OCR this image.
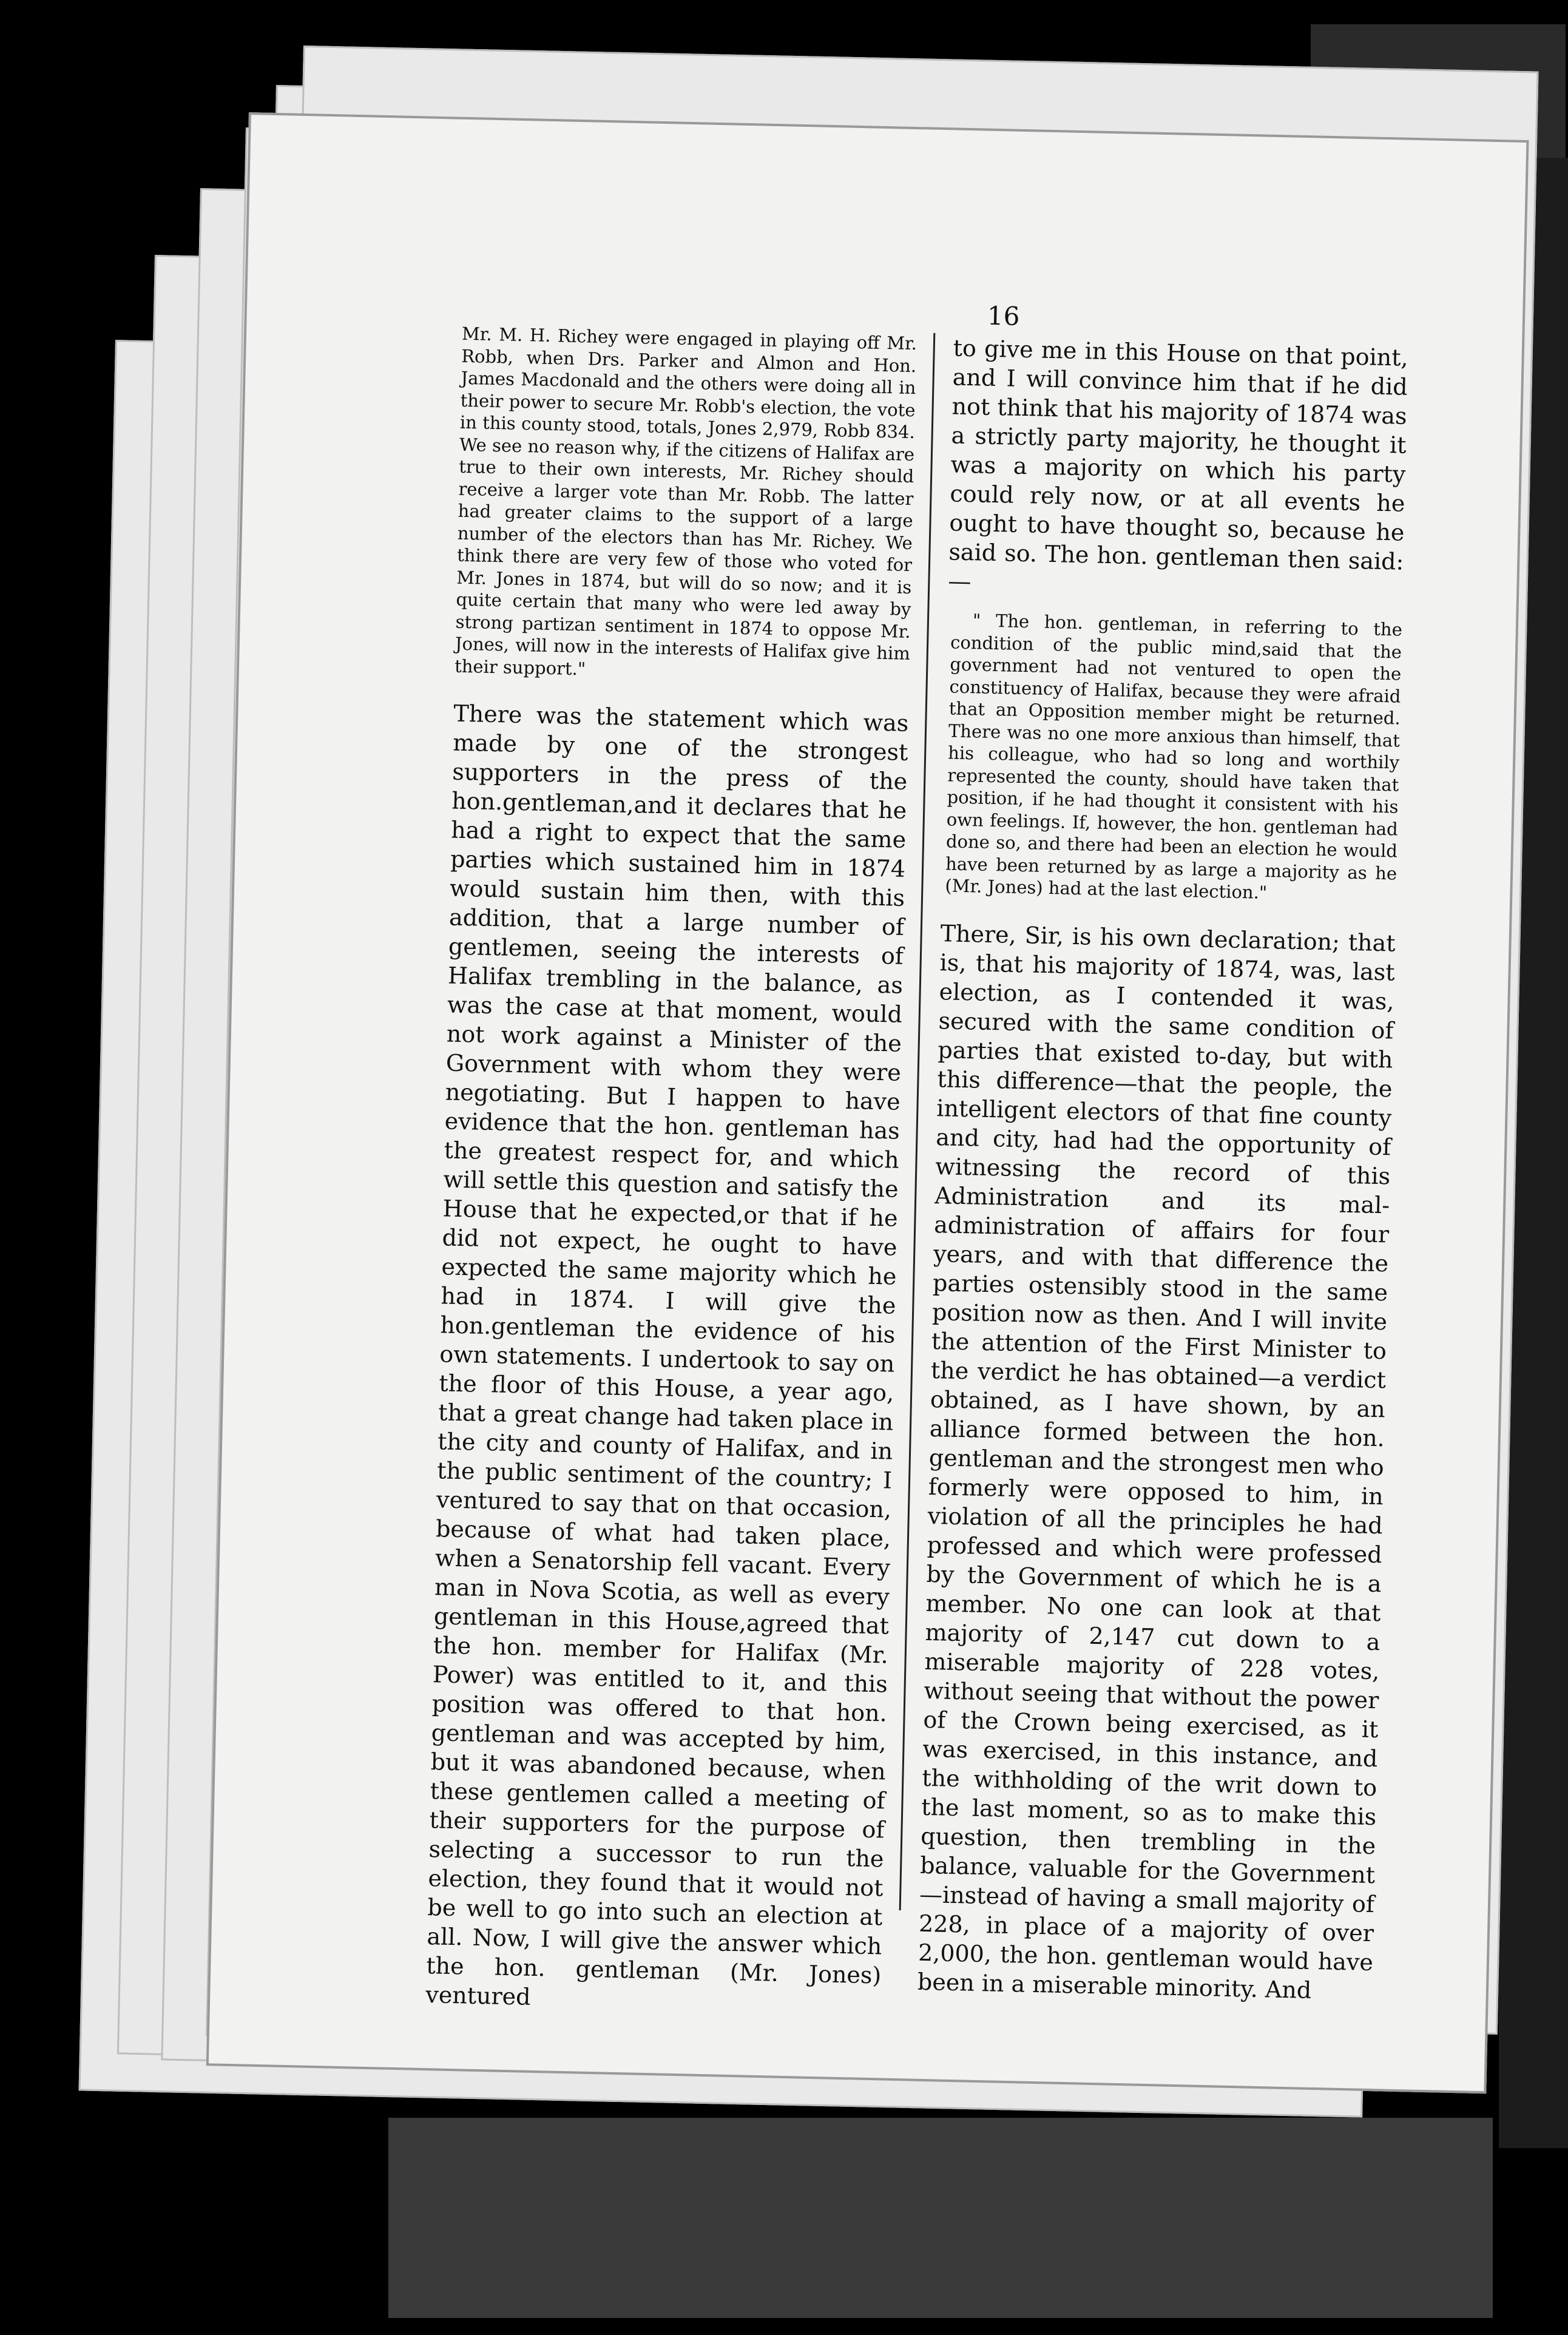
16

Mr. M. H. Richey were engaged in playing off Mr. Robb, when Drs. Parker and Almon and Hon. James Macdonald and the others were doing all in their power to secure Mr. Robb's election, the vote in this county stood, totals, Jones 2,979, Robb 834. We see no reason why, if the citizens of Halifax are true to their own interests, Mr. Richey should receive a larger vote than Mr. Robb. The latter had greater claims to the support of a large number of the electors than has Mr. Richey. We think there are very few of those who voted for Mr. Jones in 1874, but will do so now; and it is quite certain that many who were led away by strong partizan sentiment in 1874 to oppose Mr. Jones, will now in the interests of Halifax give him their support."

There was the statement which was made by one of the strongest supporters in the press of the hon.gentleman,and it declares that he had a right to expect that the same parties which sustained him in 1874 would sustain him then, with this addition, that a large number of gentlemen, seeing the interests of Halifax trembling in the balance, as was the case at that moment, would not work against a Minister of the Government with whom they were negotiating. But I happen to have evidence that the hon. gentleman has the greatest respect for, and which will settle this question and satisfy the House that he expected,or that if he did not expect, he ought to have expected the same majority which he had in 1874. I will give the hon.gentleman the evidence of his own statements. I undertook to say on the floor of this House, a year ago, that a great change had taken place in the city and county of Halifax, and in the public sentiment of the country; I ventured to say that on that occasion, because of what had taken place, when a Senatorship fell vacant. Every man in Nova Scotia, as well as every gentleman in this House,agreed that the hon. member for Halifax (Mr. Power) was entitled to it, and this position was offered to that hon. gentleman and was accepted by him, but it was abandoned because, when these gentlemen called a meeting of their supporters for the purpose of selecting a successor to run the election, they found that it would not be well to go into such an election at all. Now, I will give the answer which the hon. gentleman (Mr. Jones) ventured

to give me in this House on that point, and I will convince him that if he did not think that his majority of 1874 was a strictly party majority, he thought it was a majority on which his party could rely now, or at all events he ought to have thought so, because he said so. The hon. gentleman then said:—

" The hon. gentleman, in referring to the condition of the public mind,said that the government had not ventured to open the constituency of Halifax, because they were afraid that an Opposition member might be returned. There was no one more anxious than himself, that his colleague, who had so long and worthily represented the county, should have taken that position, if he had thought it consistent with his own feelings. If, however, the hon. gentleman had done so, and there had been an election he would have been returned by as large a majority as he (Mr. Jones) had at the last election."

There, Sir, is his own declaration; that is, that his majority of 1874, was, last election, as I contended it was, secured with the same condition of parties that existed to-day, but with this difference—that the people, the intelligent electors of that fine county and city, had had the opportunity of witnessing the record of this Administration and its mal-administration of affairs for four years, and with that difference the parties ostensibly stood in the same position now as then. And I will invite the attention of the First Minister to the verdict he has obtained—a verdict obtained, as I have shown, by an alliance formed between the hon. gentleman and the strongest men who formerly were opposed to him, in violation of all the principles he had professed and which were professed by the Government of which he is a member. No one can look at that majority of 2,147 cut down to a miserable majority of 228 votes, without seeing that without the power of the Crown being exercised, as it was exercised, in this instance, and the withholding of the writ down to the last moment, so as to make this question, then trembling in the balance, valuable for the Government—instead of having a small majority of 228, in place of a majority of over 2,000, the hon. gentleman would have been in a miserable minority. And
